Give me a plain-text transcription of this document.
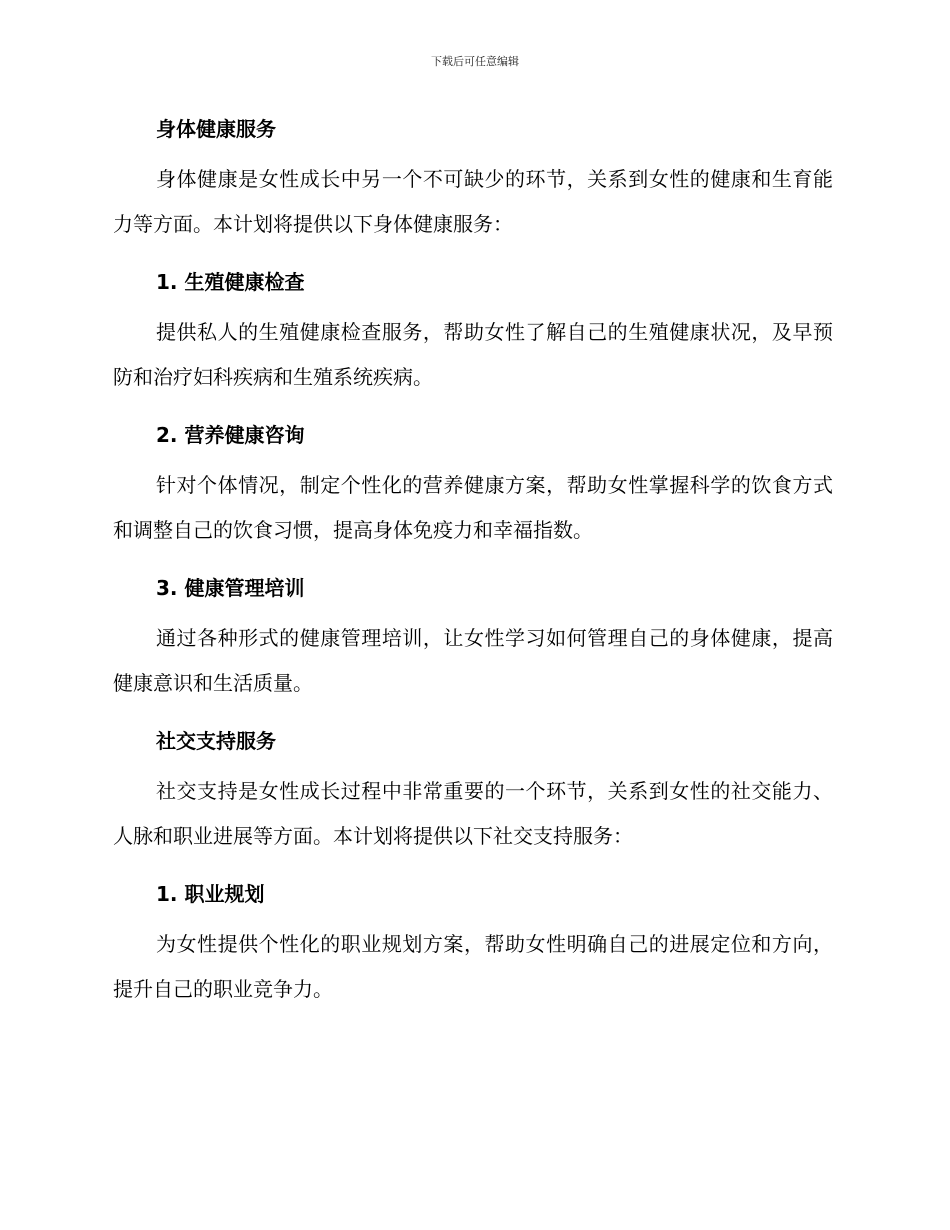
下载后可任意编辑
身体健康服务
身体健康是女性成长中另一个不可缺少的环节，关系到女性的健康和生育能力等方面。本计划将提供以下身体健康服务：
1. 生殖健康检查
提供私人的生殖健康检查服务，帮助女性了解自己的生殖健康状况，及早预防和治疗妇科疾病和生殖系统疾病。
2. 营养健康咨询
针对个体情况，制定个性化的营养健康方案，帮助女性掌握科学的饮食方式和调整自己的饮食习惯，提高身体免疫力和幸福指数。
3. 健康管理培训
通过各种形式的健康管理培训，让女性学习如何管理自己的身体健康，提高健康意识和生活质量。
社交支持服务
社交支持是女性成长过程中非常重要的一个环节，关系到女性的社交能力、人脉和职业进展等方面。本计划将提供以下社交支持服务：
1. 职业规划
为女性提供个性化的职业规划方案，帮助女性明确自己的进展定位和方向，提升自己的职业竞争力。
